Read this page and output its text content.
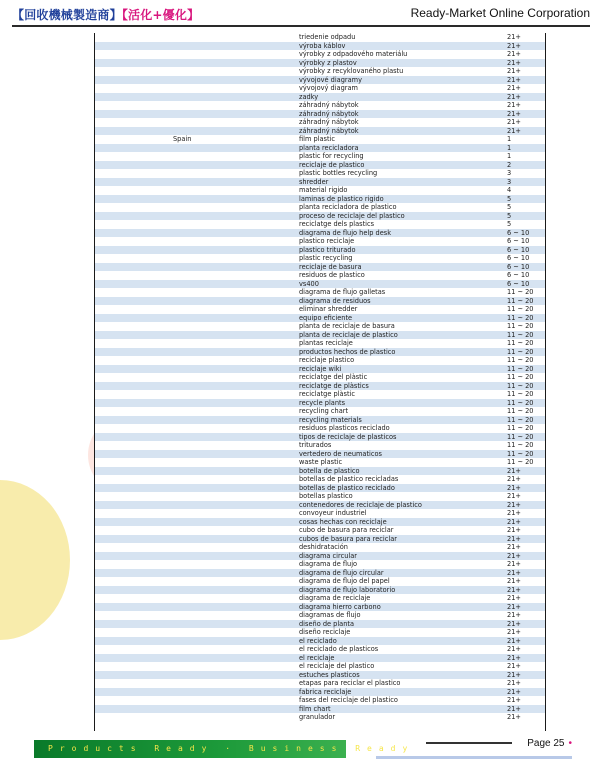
【回收機械製造商】【活化+優化】	Ready-Market Online Corporation
triedenie odpadu	21+
výroba káblov	21+
výrobky z odpadového materiálu	21+
výrobky z plastov	21+
výrobky z recyklovaného plastu	21+
vývojové diagramy	21+
vývojový diagram	21+
zadky	21+
záhradný nábytok	21+
záhradný nábytok	21+
záhradný nábytok	21+
záhradný nábytok	21+
Spain	film plastic	1
planta recicladora	1
plastic for recycling	1
reciclaje de plastico	2
plastic bottles recycling	3
shredder	3
material rigido	4
laminas de plastico rigido	5
planta recicladora de plastico	5
proceso de reciclaje del plastico	5
reciclatge dels plastics	5
diagrama de flujo help desk	6 ~ 10
plastico reciclaje	6 ~ 10
plastico triturado	6 ~ 10
plastic recycling	6 ~ 10
reciclaje de basura	6 ~ 10
residuos de plastico	6 ~ 10
vs400	6 ~ 10
diagrama de flujo galletas	11 ~ 20
diagrama de residuos	11 ~ 20
eliminar shredder	11 ~ 20
equipo eficiente	11 ~ 20
planta de reciclaje de basura	11 ~ 20
planta de reciclaje de plastico	11 ~ 20
plantas reciclaje	11 ~ 20
productos hechos de plastico	11 ~ 20
reciclaje plastico	11 ~ 20
reciclaje wiki	11 ~ 20
reciclatge del plàstic	11 ~ 20
reciclatge de plàstics	11 ~ 20
reciclatge plàstic	11 ~ 20
recycle plants	11 ~ 20
recycling chart	11 ~ 20
recycling materials	11 ~ 20
residuos plasticos reciclado	11 ~ 20
tipos de reciclaje de plasticos	11 ~ 20
triturados	11 ~ 20
vertedero de neumaticos	11 ~ 20
waste plastic	11 ~ 20
botella de plastico	21+
botellas de plastico recicladas	21+
botellas de plastico reciclado	21+
botellas plastico	21+
contenedores de reciclaje de plastico	21+
convoyeur industriel	21+
cosas hechas con reciclaje	21+
cubo de basura para reciclar	21+
cubos de basura para reciclar	21+
deshidratación	21+
diagrama circular	21+
diagrama de flujo	21+
diagrama de flujo circular	21+
diagrama de flujo del papel	21+
diagrama de flujo laboratorio	21+
diagrama de reciclaje	21+
diagrama hierro carbono	21+
diagramas de flujo	21+
diseño de planta	21+
diseño reciclaje	21+
el reciclado	21+
el reciclado de plasticos	21+
el reciclaje	21+
el reciclaje del plastico	21+
estuches plasticos	21+
etapas para reciclar el plastico	21+
fabrica reciclaje	21+
fases del reciclaje del plastico	21+
film chart	21+
granulador	21+
Products Ready · Business Ready	Page 25 •
